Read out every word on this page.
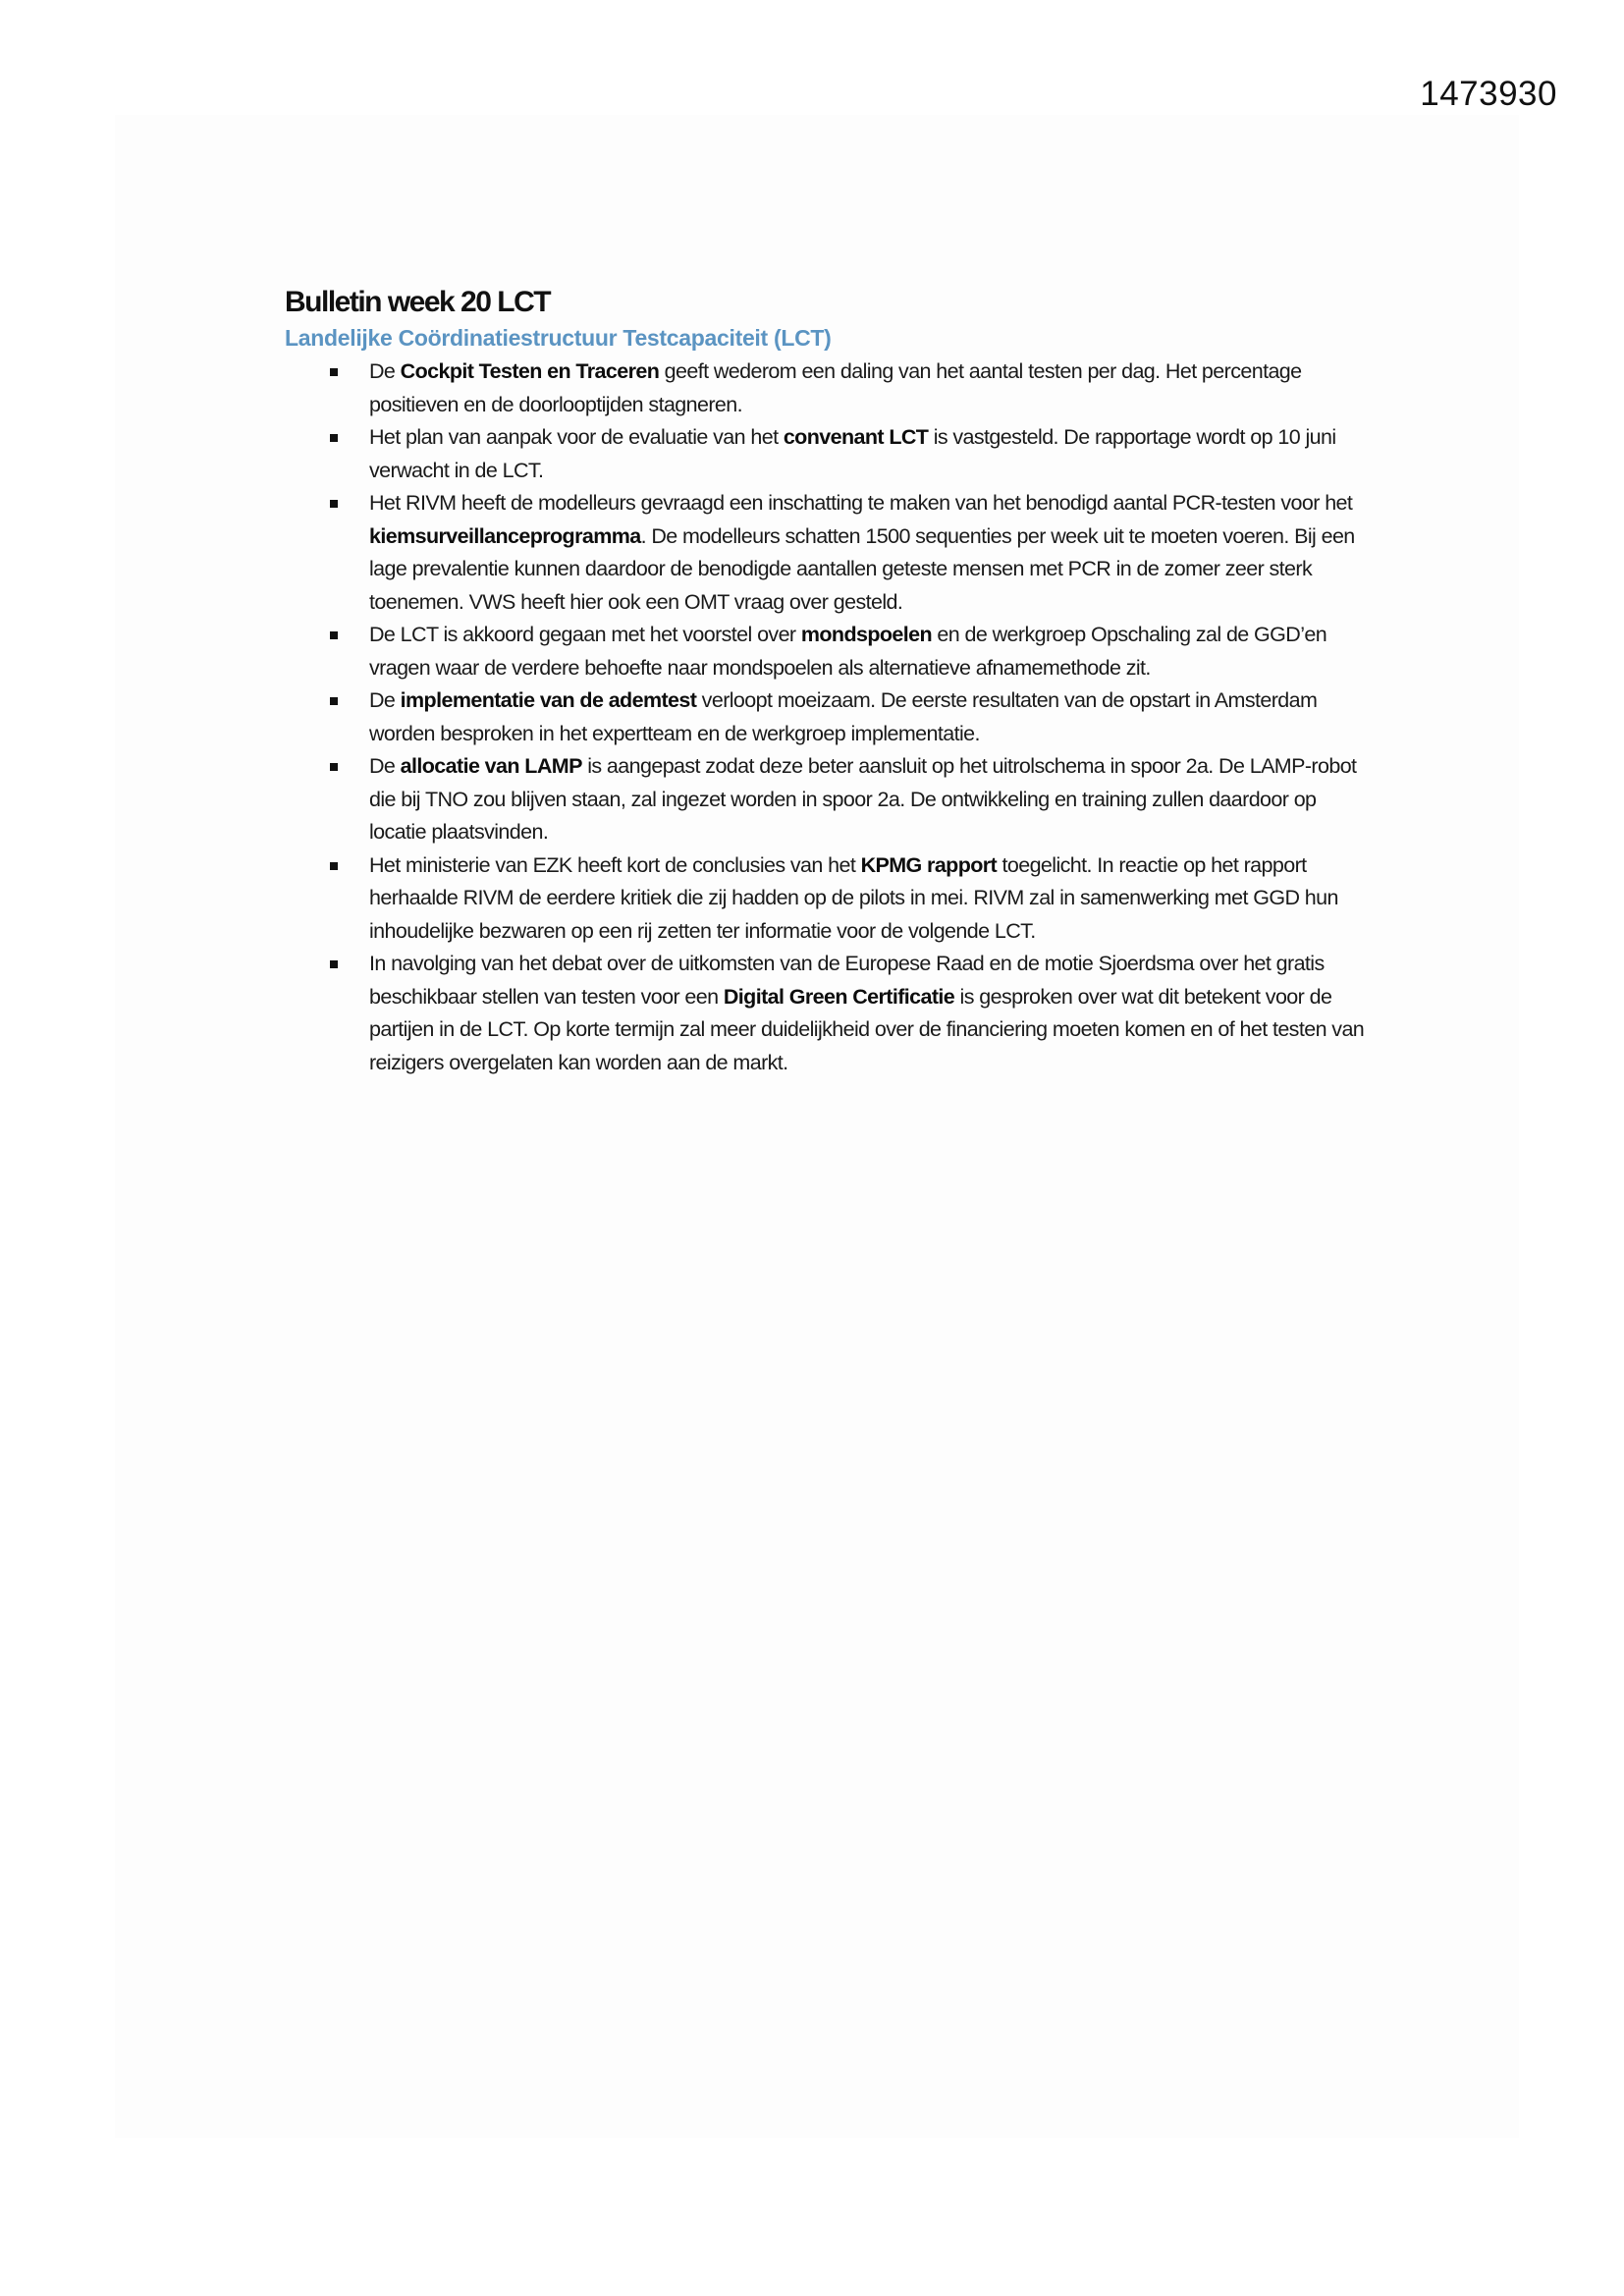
1473930
Bulletin week 20 LCT
Landelijke Coördinatiestructuur Testcapaciteit (LCT)
De Cockpit Testen en Traceren geeft wederom een daling van het aantal testen per dag. Het percentage positieven en de doorlooptijden stagneren.
Het plan van aanpak voor de evaluatie van het convenant LCT is vastgesteld. De rapportage wordt op 10 juni verwacht in de LCT.
Het RIVM heeft de modelleurs gevraagd een inschatting te maken van het benodigd aantal PCR-testen voor het kiemsurveillanceprogramma. De modelleurs schatten 1500 sequenties per week uit te moeten voeren. Bij een lage prevalentie kunnen daardoor de benodigde aantallen geteste mensen met PCR in de zomer zeer sterk toenemen. VWS heeft hier ook een OMT vraag over gesteld.
De LCT is akkoord gegaan met het voorstel over mondspoelen en de werkgroep Opschaling zal de GGD’en vragen waar de verdere behoefte naar mondspoelen als alternatieve afnamemethode zit.
De implementatie van de ademtest verloopt moeizaam. De eerste resultaten van de opstart in Amsterdam worden besproken in het expertteam en de werkgroep implementatie.
De allocatie van LAMP is aangepast zodat deze beter aansluit op het uitrolschema in spoor 2a. De LAMP-robot die bij TNO zou blijven staan, zal ingezet worden in spoor 2a. De ontwikkeling en training zullen daardoor op locatie plaatsvinden.
Het ministerie van EZK heeft kort de conclusies van het KPMG rapport toegelicht. In reactie op het rapport herhaalde RIVM de eerdere kritiek die zij hadden op de pilots in mei. RIVM zal in samenwerking met GGD hun inhoudelijke bezwaren op een rij zetten ter informatie voor de volgende LCT.
In navolging van het debat over de uitkomsten van de Europese Raad en de motie Sjoerdsma over het gratis beschikbaar stellen van testen voor een Digital Green Certificatie is gesproken over wat dit betekent voor de partijen in de LCT. Op korte termijn zal meer duidelijkheid over de financiering moeten komen en of het testen van reizigers overgelaten kan worden aan de markt.
